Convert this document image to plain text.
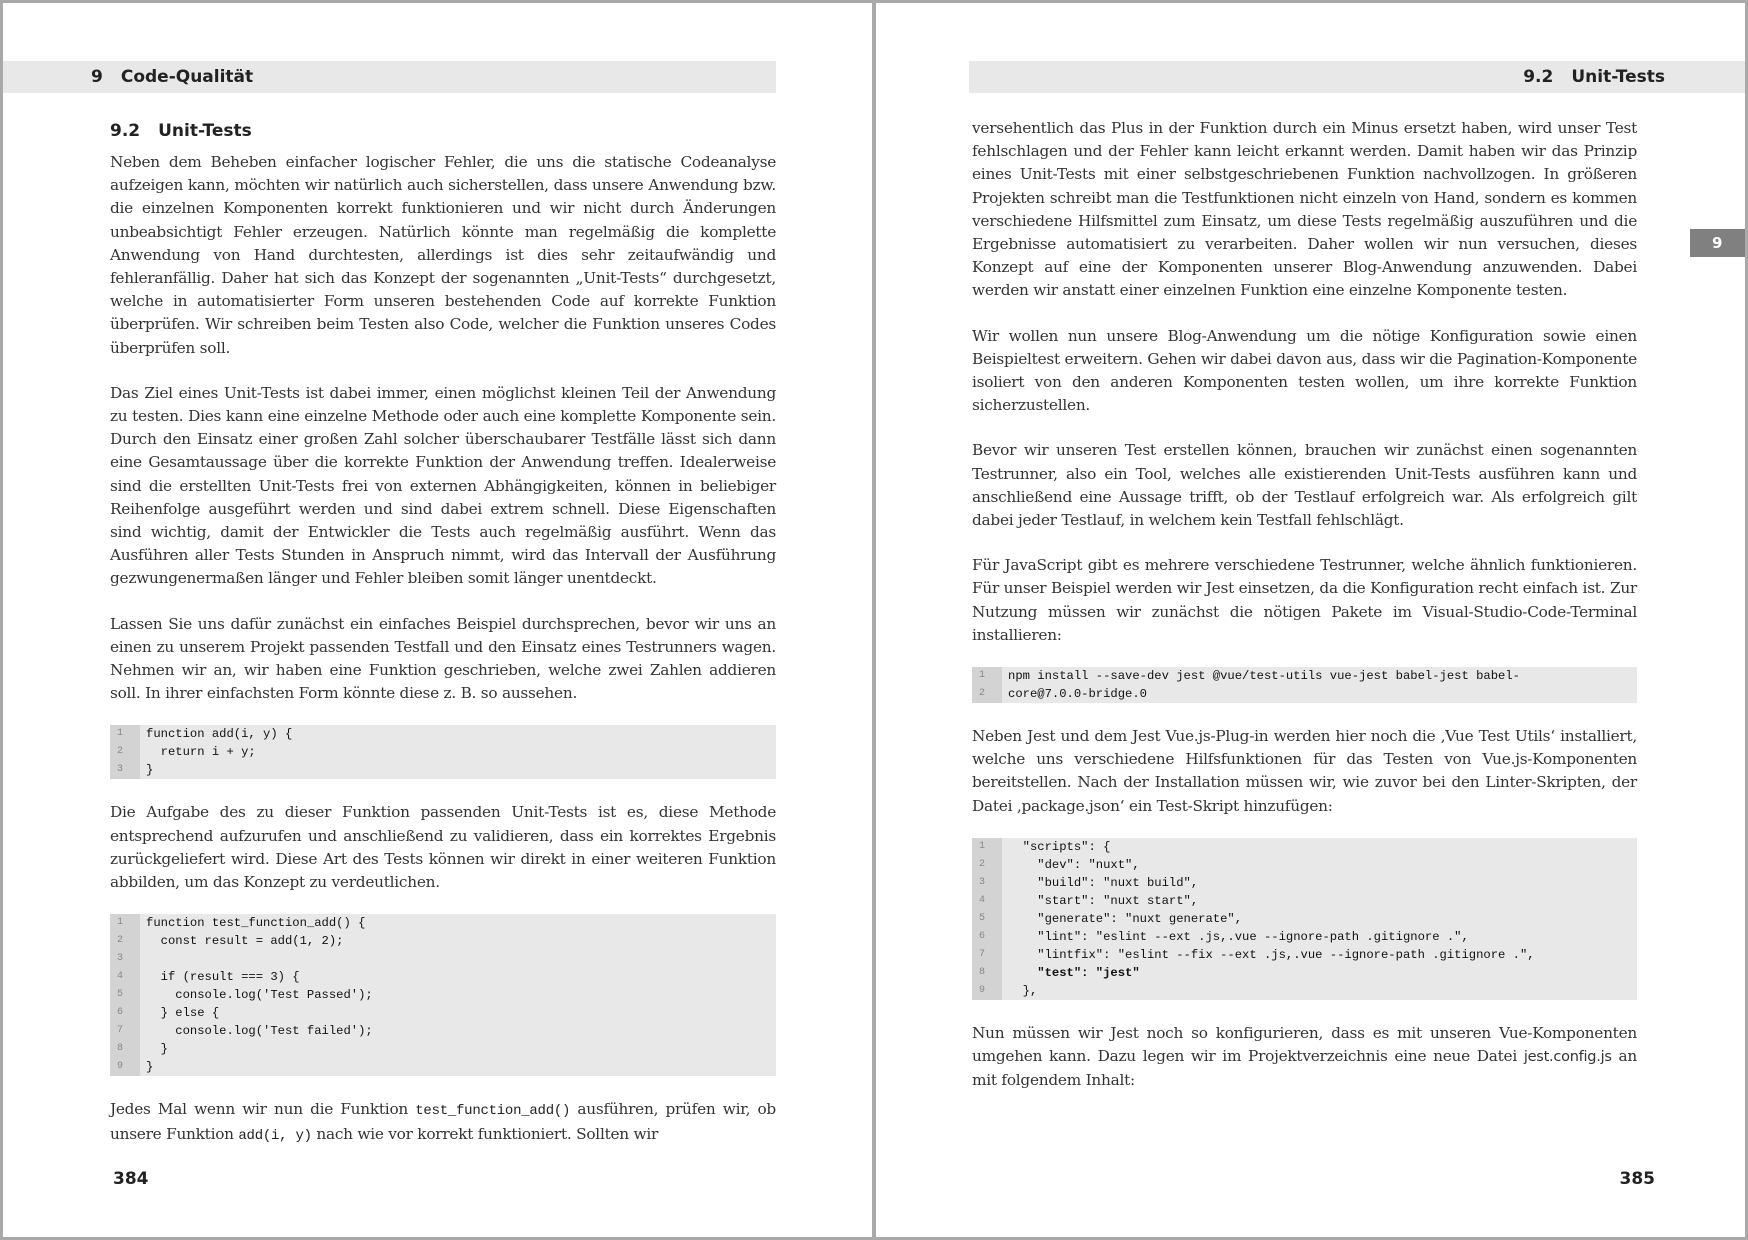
9 Code-Qualität
9.2 Unit-Tests

Neben dem Beheben einfacher logischer Fehler, die uns die statische Codeanalyse aufzeigen kann, möchten wir natürlich auch sicherstellen, dass unsere Anwendung bzw. die einzelnen Komponenten korrekt funktionieren und wir nicht durch Änderungen unbeabsichtigt Fehler erzeugen. Natürlich könnte man regelmäßig die komplette Anwendung von Hand durchtesten, allerdings ist dies sehr zeitaufwändig und fehleranfällig. Daher hat sich das Konzept der sogenannten „Unit-Tests“ durchgesetzt, welche in automatisierter Form unseren bestehenden Code auf korrekte Funktion überprüfen. Wir schreiben beim Testen also Code, welcher die Funktion unseres Codes überprüfen soll.

Das Ziel eines Unit-Tests ist dabei immer, einen möglichst kleinen Teil der Anwendung zu testen. Dies kann eine einzelne Methode oder auch eine komplette Komponente sein. Durch den Einsatz einer großen Zahl solcher überschaubarer Testfälle lässt sich dann eine Gesamtaussage über die korrekte Funktion der Anwendung treffen. Idealerweise sind die erstellten Unit-Tests frei von externen Abhängigkeiten, können in beliebiger Reihenfolge ausgeführt werden und sind dabei extrem schnell. Diese Eigenschaften sind wichtig, damit der Entwickler die Tests auch regelmäßig ausführt. Wenn das Ausführen aller Tests Stunden in Anspruch nimmt, wird das Intervall der Ausführung gezwungenermaßen länger und Fehler bleiben somit länger unentdeckt.

Lassen Sie uns dafür zunächst ein einfaches Beispiel durchsprechen, bevor wir uns an einen zu unserem Projekt passenden Testfall und den Einsatz eines Testrunners wagen. Nehmen wir an, wir haben eine Funktion geschrieben, welche zwei Zahlen addieren soll. In ihrer einfachsten Form könnte diese z. B. so aussehen.

1	function add(i, y) {
2	return i + y;
3	}

Die Aufgabe des zu dieser Funktion passenden Unit-Tests ist es, diese Methode entsprechend aufzurufen und anschließend zu validieren, dass ein korrektes Ergebnis zurückgeliefert wird. Diese Art des Tests können wir direkt in einer weiteren Funktion abbilden, um das Konzept zu verdeutlichen.

1	function test_function_add() {
2	const result = add(1, 2);
3
4	if (result === 3) {
5	console.log('Test Passed');
6	} else {
7	console.log('Test failed');
8	}
9	}

Jedes Mal wenn wir nun die Funktion test_function_add() ausführen, prüfen wir, ob unsere Funktion add(i, y) nach wie vor korrekt funktioniert. Sollten wir

384
9.2 Unit-Tests
9

versehentlich das Plus in der Funktion durch ein Minus ersetzt haben, wird unser Test fehlschlagen und der Fehler kann leicht erkannt werden. Damit haben wir das Prinzip eines Unit-Tests mit einer selbstgeschriebenen Funktion nachvollzogen. In größeren Projekten schreibt man die Testfunktionen nicht einzeln von Hand, sondern es kommen verschiedene Hilfsmittel zum Einsatz, um diese Tests regelmäßig auszuführen und die Ergebnisse automatisiert zu verarbeiten. Daher wollen wir nun versuchen, dieses Konzept auf eine der Komponenten unserer Blog-Anwendung anzuwenden. Dabei werden wir anstatt einer einzelnen Funktion eine einzelne Komponente testen.

Wir wollen nun unsere Blog-Anwendung um die nötige Konfiguration sowie einen Beispieltest erweitern. Gehen wir dabei davon aus, dass wir die Pagination-Komponente isoliert von den anderen Komponenten testen wollen, um ihre korrekte Funktion sicherzustellen.

Bevor wir unseren Test erstellen können, brauchen wir zunächst einen sogenannten Testrunner, also ein Tool, welches alle existierenden Unit-Tests ausführen kann und anschließend eine Aussage trifft, ob der Testlauf erfolgreich war. Als erfolgreich gilt dabei jeder Testlauf, in welchem kein Testfall fehlschlägt.

Für JavaScript gibt es mehrere verschiedene Testrunner, welche ähnlich funktionieren. Für unser Beispiel werden wir Jest einsetzen, da die Konfiguration recht einfach ist. Zur Nutzung müssen wir zunächst die nötigen Pakete im Visual-Studio-Code-Terminal installieren:

1	npm install --save-dev jest @vue/test-utils vue-jest babel-jest babel-
2	core@7.0.0-bridge.0

Neben Jest und dem Jest Vue.js-Plug-in werden hier noch die ‚Vue Test Utils‘ installiert, welche uns verschiedene Hilfsfunktionen für das Testen von Vue.js-Komponenten bereitstellen. Nach der Installation müssen wir, wie zuvor bei den Linter-Skripten, der Datei ‚package.json‘ ein Test-Skript hinzufügen:

1	"scripts": {
2	"dev": "nuxt",
3	"build": "nuxt build",
4	"start": "nuxt start",
5	"generate": "nuxt generate",
6	"lint": "eslint --ext .js,.vue --ignore-path .gitignore .",
7	"lintfix": "eslint --fix --ext .js,.vue --ignore-path .gitignore .",
8	"test": "jest"
9	},

Nun müssen wir Jest noch so konfigurieren, dass es mit unseren Vue-Komponenten umgehen kann. Dazu legen wir im Projektverzeichnis eine neue Datei jest.config.js an mit folgendem Inhalt:

385
